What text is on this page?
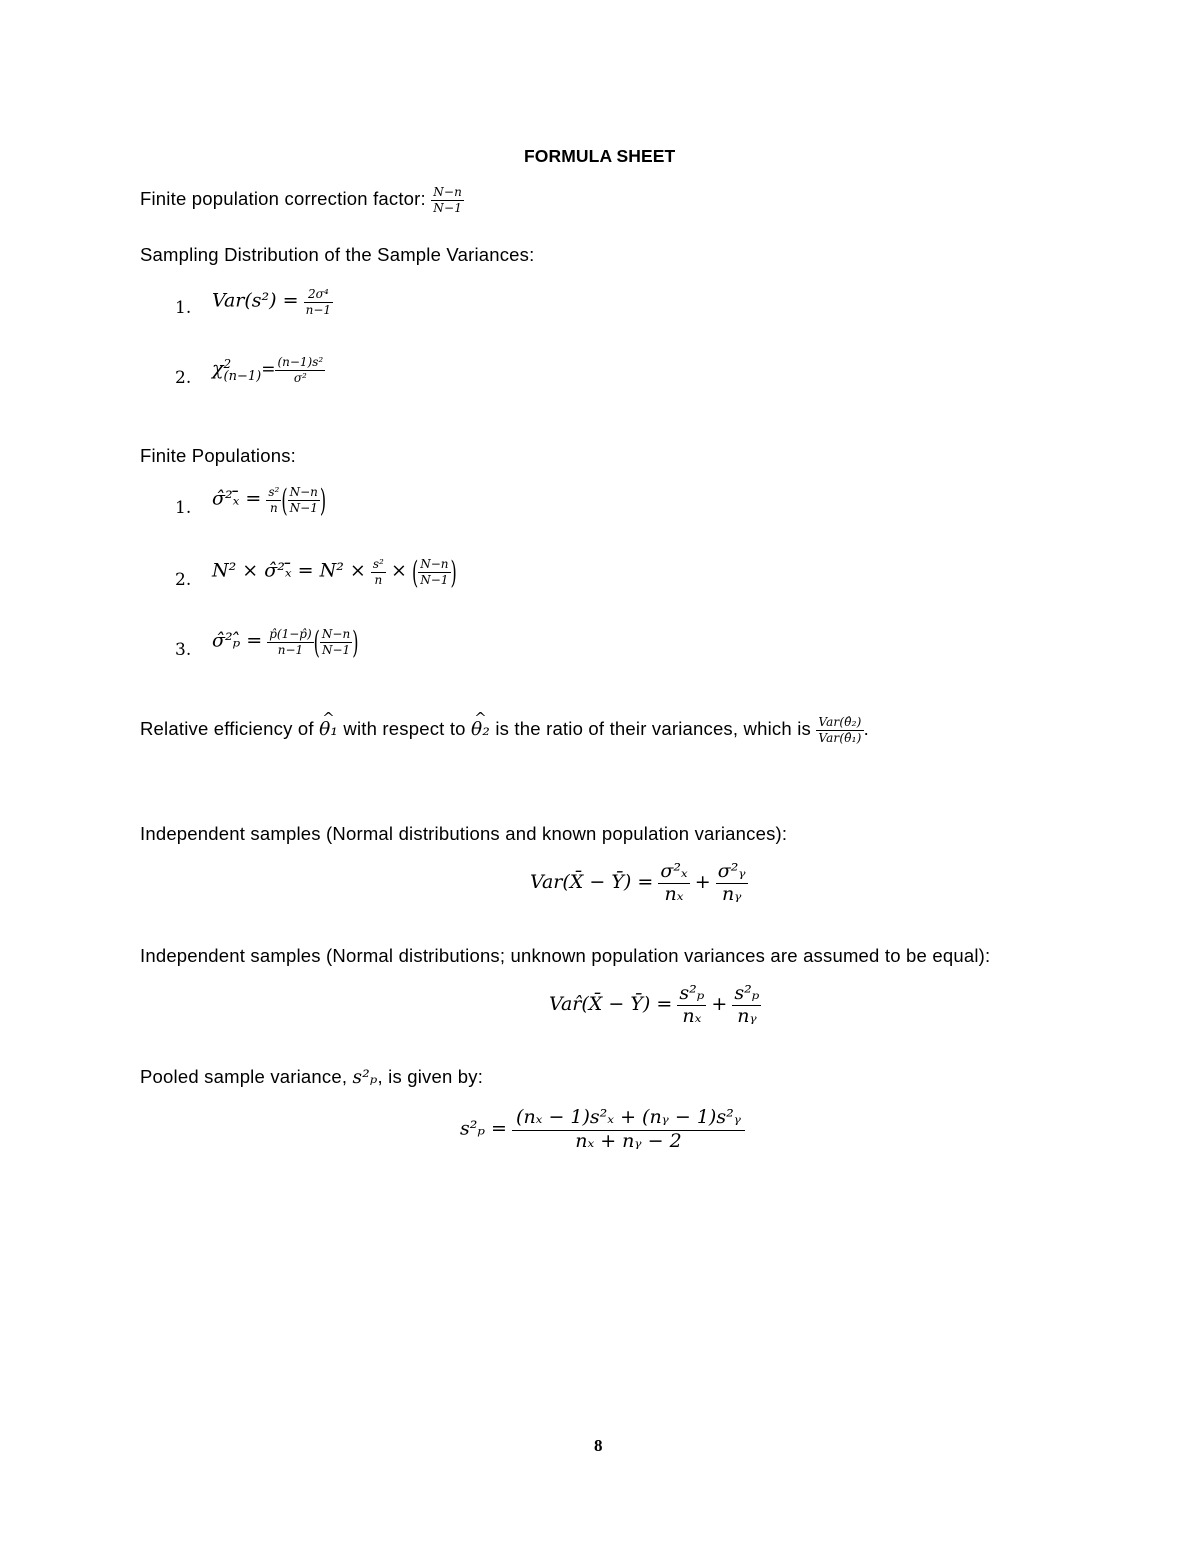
FORMULA SHEET
Finite population correction factor: $\frac{N-n}{N-1}$
Sampling Distribution of the Sample Variances:
1. $Var(s^2) = \frac{\text{2σ⁴}}{n-1}$
2. χ 2
$(n-1) = \frac{\text{(n−1)s²}}{\text{σ²}}$
Finite Populations:
1. σ̂²ₓ̄ = $\frac{\text{s²}}{n}$ ( $\frac{N-n}{N-1}$ )
2. N² × σ̂²ₓ̄ = $N^2 \times \frac{\text{s²}}{n}$ × ( $\frac{N-n}{N-1}$ )
3. σ̂²ₚ̂ = $\frac{p̂(1-p̂)}{n-1}$ ( $\frac{N-n}{N-1}$ )
Relative efficiency of ^ θ₁ with respect to ^ θ₂ is the ratio of their variances, which is $\frac{\text{Var(θ̂₂)}}{\text{Var(θ̂₁)}}$ .
Independent samples (Normal distributions and known population variances):
Var(X̄ − Ȳ) = $\frac{\text{σ²ₓ}}{\text{nₓ}} + \frac{\text{σ²ᵧ}}{\text{nᵧ}}$
Independent samples (Normal distributions; unknown population variances are assumed to be equal):
Var̂(X̄ − Ȳ) = $\frac{\text{s²ₚ}}{\text{nₓ}} + \frac{\text{s²ₚ}}{\text{nᵧ}}$
Pooled sample variance, s²ₚ, is given by:
$s^2_p = \frac{\text{(nₓ − 1)s²ₓ + (nᵧ − 1)s²ᵧ}}{\text{nₓ + nᵧ − 2}}$
8
